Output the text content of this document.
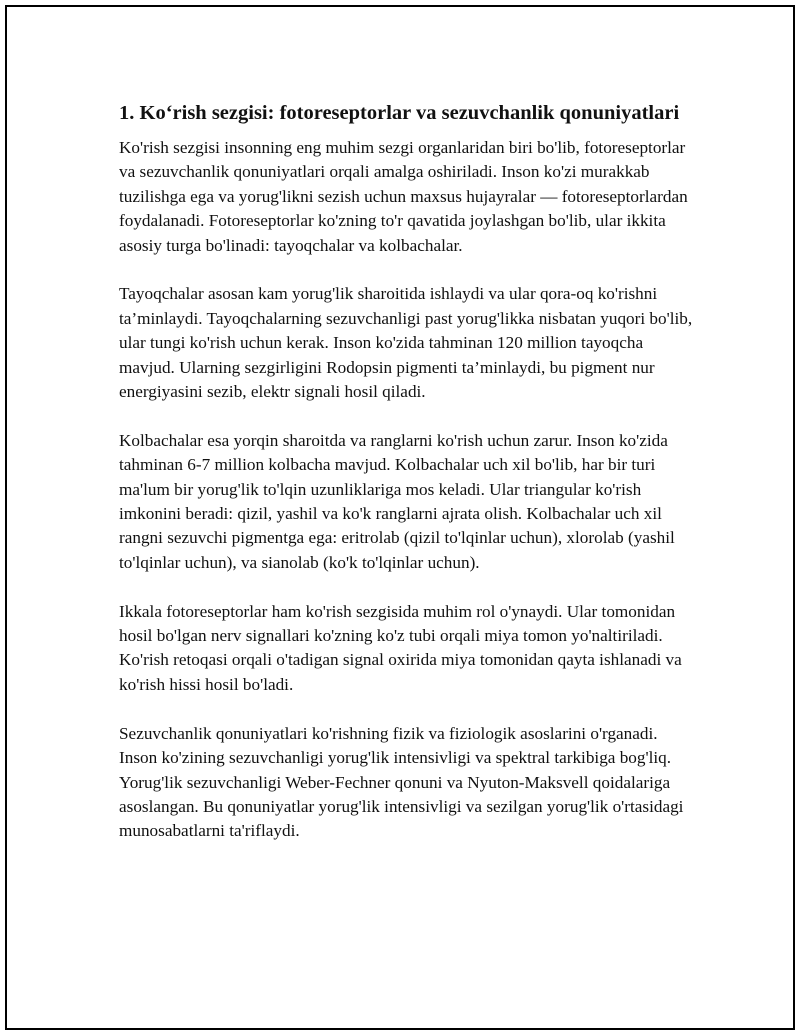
1. Ko‘rish sezgisi: fotoreseptorlar va sezuvchanlik qonuniyatlari

Ko'rish sezgisi insonning eng muhim sezgi organlaridan biri bo'lib, fotoreseptorlar va sezuvchanlik qonuniyatlari orqali amalga oshiriladi. Inson ko'zi murakkab tuzilishga ega va yorug'likni sezish uchun maxsus hujayralar — fotoreseptorlardan foydalanadi. Fotoreseptorlar ko'zning to'r qavatida joylashgan bo'lib, ular ikkita asosiy turga bo'linadi: tayoqchalar va kolbachalar.

Tayoqchalar asosan kam yorug'lik sharoitida ishlaydi va ular qora-oq ko'rishni ta’minlaydi. Tayoqchalarning sezuvchanligi past yorug'likka nisbatan yuqori bo'lib, ular tungi ko'rish uchun kerak. Inson ko'zida tahminan 120 million tayoqcha mavjud. Ularning sezgirligini Rodopsin pigmenti ta’minlaydi, bu pigment nur energiyasini sezib, elektr signali hosil qiladi.

Kolbachalar esa yorqin sharoitda va ranglarni ko'rish uchun zarur. Inson ko'zida tahminan 6-7 million kolbacha mavjud. Kolbachalar uch xil bo'lib, har bir turi ma'lum bir yorug'lik to'lqin uzunliklariga mos keladi. Ular triangular ko'rish imkonini beradi: qizil, yashil va ko'k ranglarni ajrata olish. Kolbachalar uch xil rangni sezuvchi pigmentga ega: eritrolab (qizil to'lqinlar uchun), xlorolab (yashil to'lqinlar uchun), va sianolab (ko'k to'lqinlar uchun).

Ikkala fotoreseptorlar ham ko'rish sezgisida muhim rol o'ynaydi. Ular tomonidan hosil bo'lgan nerv signallari ko'zning ko'z tubi orqali miya tomon yo'naltiriladi. Ko'rish retoqasi orqali o'tadigan signal oxirida miya tomonidan qayta ishlanadi va ko'rish hissi hosil bo'ladi.

Sezuvchanlik qonuniyatlari ko'rishning fizik va fiziologik asoslarini o'rganadi. Inson ko'zining sezuvchanligi yorug'lik intensivligi va spektral tarkibiga bog'liq. Yorug'lik sezuvchanligi Weber-Fechner qonuni va Nyuton-Maksvell qoidalariga asoslangan. Bu qonuniyatlar yorug'lik intensivligi va sezilgan yorug'lik o'rtasidagi munosabatlarni ta'riflaydi.
